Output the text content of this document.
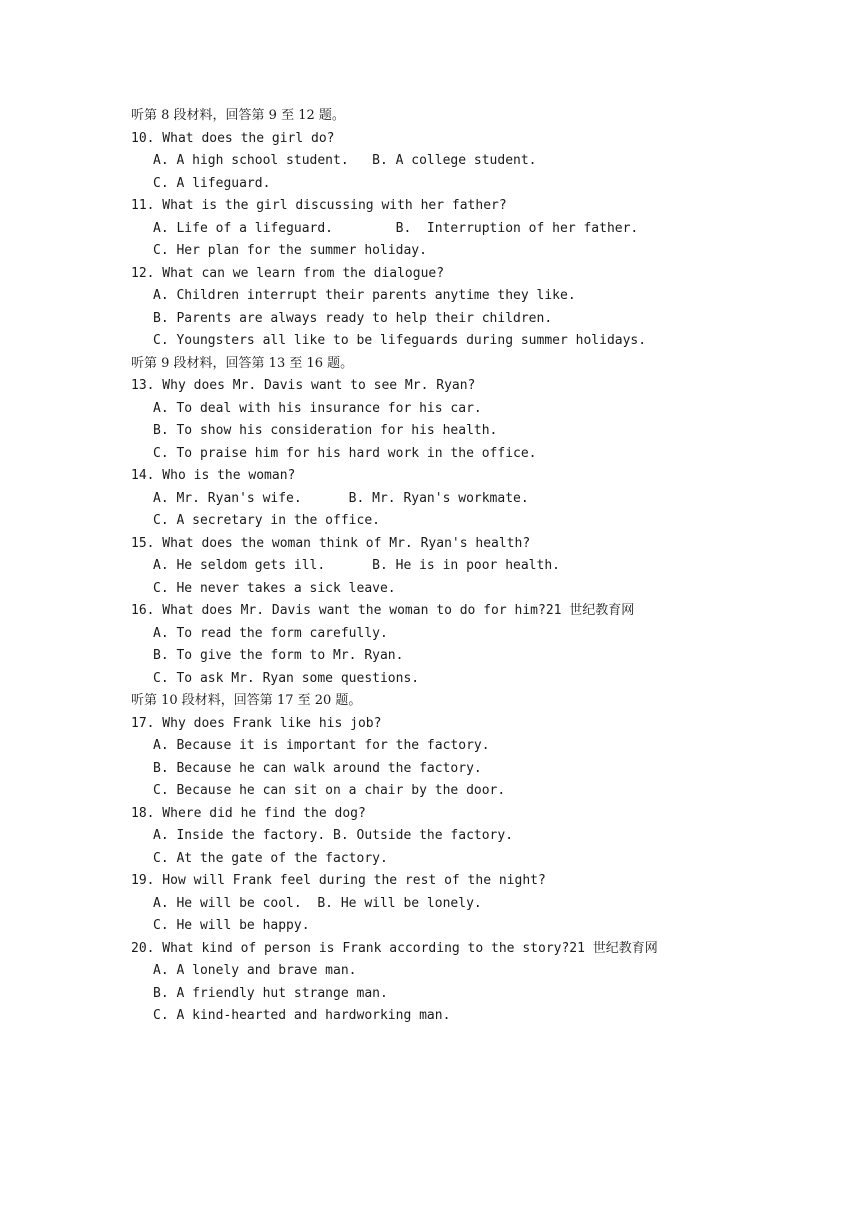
听第 8 段材料，回答第 9 至 12 题。
10. What does the girl do?
A. A high school student.   B. A college student.
C. A lifeguard.
11. What is the girl discussing with her father?
A. Life of a lifeguard.        B.  Interruption of her father.
C. Her plan for the summer holiday.
12. What can we learn from the dialogue?
A. Children interrupt their parents anytime they like.
B. Parents are always ready to help their children.
C. Youngsters all like to be lifeguards during summer holidays.
听第 9 段材料，回答第 13 至 16 题。
13. Why does Mr. Davis want to see Mr. Ryan?
A. To deal with his insurance for his car.
B. To show his consideration for his health.
C. To praise him for his hard work in the office.
14. Who is the woman?
A. Mr. Ryan's wife.      B. Mr. Ryan's workmate.
C. A secretary in the office.
15. What does the woman think of Mr. Ryan's health?
A. He seldom gets ill.      B. He is in poor health.
C. He never takes a sick leave.
16. What does Mr. Davis want the woman to do for him?21 世纪教育网
A. To read the form carefully.
B. To give the form to Mr. Ryan.
C. To ask Mr. Ryan some questions.
听第 10 段材料，回答第 17 至 20 题。
17. Why does Frank like his job?
A. Because it is important for the factory.
B. Because he can walk around the factory.
C. Because he can sit on a chair by the door.
18. Where did he find the dog?
A. Inside the factory. B. Outside the factory.
C. At the gate of the factory.
19. How will Frank feel during the rest of the night?
A. He will be cool.  B. He will be lonely.
C. He will be happy.
20. What kind of person is Frank according to the story?21 世纪教育网
A. A lonely and brave man.
B. A friendly hut strange man.
C. A kind-hearted and hardworking man.
